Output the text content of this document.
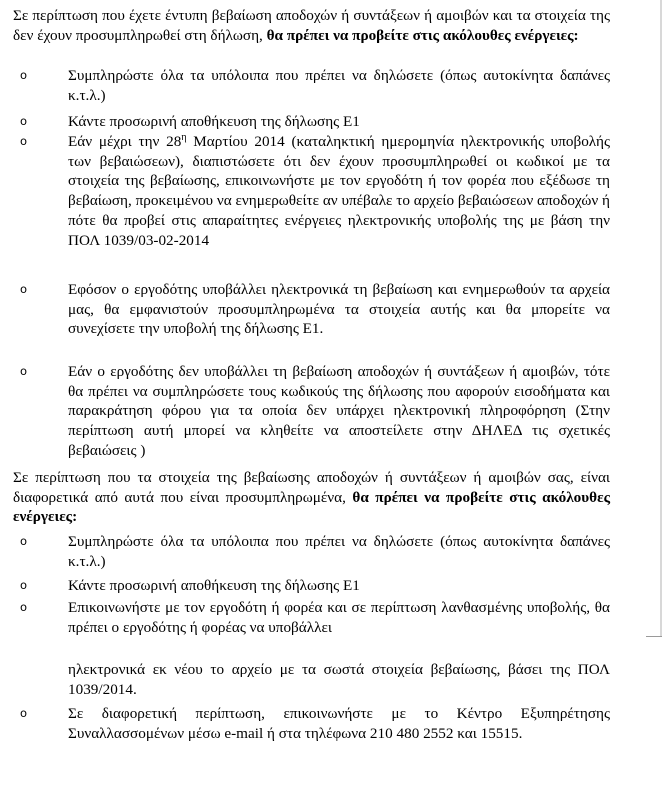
Σε περίπτωση που έχετε έντυπη βεβαίωση αποδοχών ή συντάξεων ή αμοιβών και τα στοιχεία της δεν έχουν προσυμπληρωθεί στη δήλωση, θα πρέπει να προβείτε στις ακόλουθες ενέργειες:

o	Συμπληρώστε όλα τα υπόλοιπα που πρέπει να δηλώσετε (όπως αυτοκίνητα δαπάνες κ.τ.λ.)
o	Κάντε προσωρινή αποθήκευση της δήλωσης Ε1
o	Εάν μέχρι την $28^\eta$ Μαρτίου 2014 (καταληκτική ημερομηνία ηλεκτρονικής υποβολής των βεβαιώσεων), διαπιστώσετε ότι δεν έχουν προσυμπληρωθεί οι κωδικοί με τα στοιχεία της βεβαίωσης, επικοινωνήστε με τον εργοδότη ή τον φορέα που εξέδωσε τη βεβαίωση, προκειμένου να ενημερωθείτε αν υπέβαλε το αρχείο βεβαιώσεων αποδοχών ή πότε θα προβεί στις απαραίτητες ενέργειες ηλεκτρονικής υποβολής της με βάση την ΠΟΛ 1039/03-02-2014
o	Εφόσον ο εργοδότης υποβάλλει ηλεκτρονικά τη βεβαίωση και ενημερωθούν τα αρχεία μας, θα εμφανιστούν προσυμπληρωμένα τα στοιχεία αυτής και θα μπορείτε να συνεχίσετε την υποβολή της δήλωσης Ε1.
o	Εάν ο εργοδότης δεν υποβάλλει τη βεβαίωση αποδοχών ή συντάξεων ή αμοιβών, τότε θα πρέπει να συμπληρώσετε τους κωδικούς της δήλωσης που αφορούν εισοδήματα και παρακράτηση φόρου για τα οποία δεν υπάρχει ηλεκτρονική πληροφόρηση (Στην περίπτωση αυτή μπορεί να κληθείτε να αποστείλετε στην ΔΗΛΕΔ τις σχετικές βεβαιώσεις )

Σε περίπτωση που τα στοιχεία της βεβαίωσης αποδοχών ή συντάξεων ή αμοιβών σας, είναι διαφορετικά από αυτά που είναι προσυμπληρωμένα, θα πρέπει να προβείτε στις ακόλουθες ενέργειες:

o	Συμπληρώστε όλα τα υπόλοιπα που πρέπει να δηλώσετε (όπως αυτοκίνητα δαπάνες κ.τ.λ.)
o	Κάντε προσωρινή αποθήκευση της δήλωσης Ε1
o	Επικοινωνήστε με τον εργοδότη ή φορέα και σε περίπτωση λανθασμένης υποβολής, θα πρέπει ο εργοδότης ή φορέας να υποβάλλει

ηλεκτρονικά εκ νέου το αρχείο με τα σωστά στοιχεία βεβαίωσης, βάσει της ΠΟΛ 1039/2014.

o	Σε διαφορετική περίπτωση, επικοινωνήστε με το Κέντρο Εξυπηρέτησης Συναλλασσομένων μέσω e-mail ή στα τηλέφωνα 210 480 2552 και 15515.
